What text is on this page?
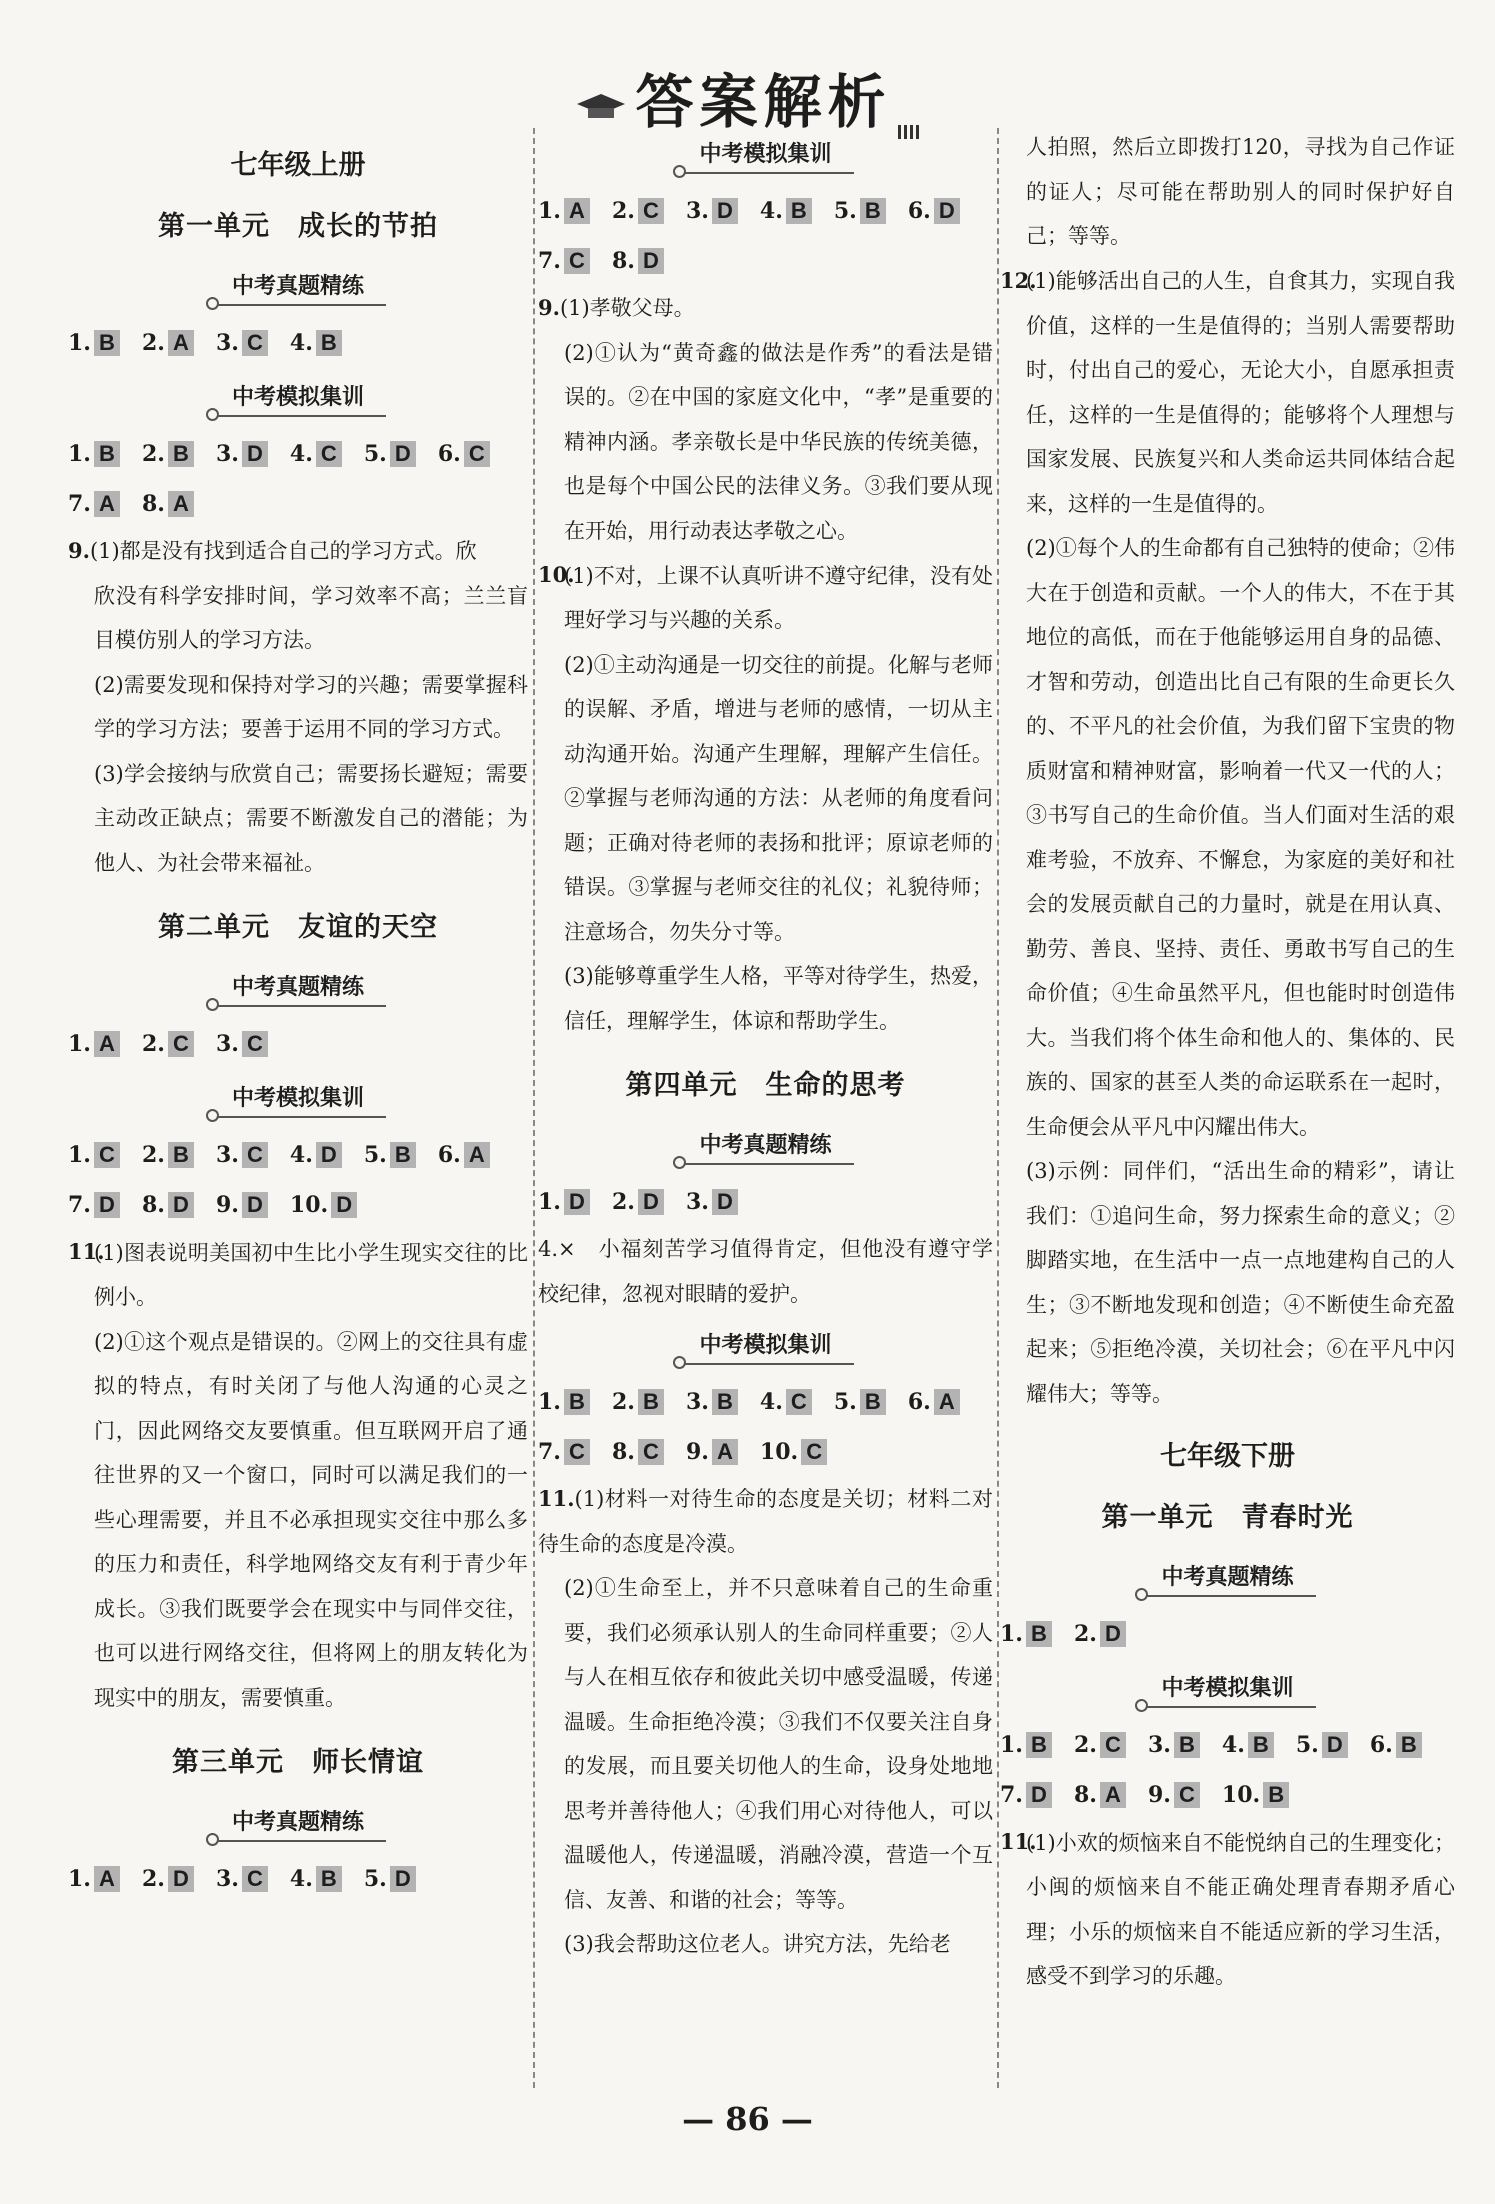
答案解析
七年级上册
第一单元　成长的节拍
中考真题精练
1. B 2. A 3. C 4. B
中考模拟集训
1. B 2. B 3. D 4. C 5. D 6. C
7. A 8. A
9.(1)都是没有找到适合自己的学习方式。欣
欣没有科学安排时间，学习效率不高；兰兰盲目模仿别人的学习方法。
(2)需要发现和保持对学习的兴趣；需要掌握科学的学习方法；要善于运用不同的学习方式。
(3)学会接纳与欣赏自己；需要扬长避短；需要主动改正缺点；需要不断激发自己的潜能；为他人、为社会带来福祉。
第二单元　友谊的天空
中考真题精练
1. A 2. C 3. C
中考模拟集训
1. C 2. B 3. C 4. D 5. B 6. A
7. D 8. D 9. D 10. D
11.
(1)图表说明美国初中生比小学生现实交往的比例小。
(2)①这个观点是错误的。②网上的交往具有虚拟的特点，有时关闭了与他人沟通的心灵之门，因此网络交友要慎重。但互联网开启了通往世界的又一个窗口，同时可以满足我们的一些心理需要，并且不必承担现实交往中那么多的压力和责任，科学地网络交友有利于青少年成长。③我们既要学会在现实中与同伴交往，也可以进行网络交往，但将网上的朋友转化为现实中的朋友，需要慎重。
第三单元　师长情谊
中考真题精练
1. A 2. D 3. C 4. B 5. D
中考模拟集训
1. A 2. C 3. D 4. B 5. B 6. D
7. C 8. D
9.(1)孝敬父母。
(2)①认为“黄奇鑫的做法是作秀”的看法是错误的。②在中国的家庭文化中，“孝”是重要的精神内涵。孝亲敬长是中华民族的传统美德，也是每个中国公民的法律义务。③我们要从现在开始，用行动表达孝敬之心。
10.
(1)不对，上课不认真听讲不遵守纪律，没有处理好学习与兴趣的关系。
(2)①主动沟通是一切交往的前提。化解与老师的误解、矛盾，增进与老师的感情，一切从主动沟通开始。沟通产生理解，理解产生信任。②掌握与老师沟通的方法：从老师的角度看问题；正确对待老师的表扬和批评；原谅老师的错误。③掌握与老师交往的礼仪；礼貌待师；注意场合，勿失分寸等。
(3)能够尊重学生人格，平等对待学生，热爱，信任，理解学生，体谅和帮助学生。
第四单元　生命的思考
中考真题精练
1. D 2. D 3. D
4.×　小福刻苦学习值得肯定，但他没有遵守学校纪律，忽视对眼睛的爱护。
中考模拟集训
1. B 2. B 3. B 4. C 5. B 6. A
7. C 8. C 9. A 10. C
11.(1)材料一对待生命的态度是关切；材料二对待生命的态度是冷漠。
(2)①生命至上，并不只意味着自己的生命重要，我们必须承认别人的生命同样重要；②人与人在相互依存和彼此关切中感受温暖，传递温暖。生命拒绝冷漠；③我们不仅要关注自身的发展，而且要关切他人的生命，设身处地地思考并善待他人；④我们用心对待他人，可以温暖他人，传递温暖，消融冷漠，营造一个互信、友善、和谐的社会；等等。
(3)我会帮助这位老人。讲究方法，先给老
人拍照，然后立即拨打120，寻找为自己作证的证人；尽可能在帮助别人的同时保护好自己；等等。
12.
(1)能够活出自己的人生，自食其力，实现自我价值，这样的一生是值得的；当别人需要帮助时，付出自己的爱心，无论大小，自愿承担责任，这样的一生是值得的；能够将个人理想与国家发展、民族复兴和人类命运共同体结合起来，这样的一生是值得的。
(2)①每个人的生命都有自己独特的使命；②伟大在于创造和贡献。一个人的伟大，不在于其地位的高低，而在于他能够运用自身的品德、才智和劳动，创造出比自己有限的生命更长久的、不平凡的社会价值，为我们留下宝贵的物质财富和精神财富，影响着一代又一代的人；③书写自己的生命价值。当人们面对生活的艰难考验，不放弃、不懈怠，为家庭的美好和社会的发展贡献自己的力量时，就是在用认真、勤劳、善良、坚持、责任、勇敢书写自己的生命价值；④生命虽然平凡，但也能时时创造伟大。当我们将个体生命和他人的、集体的、民族的、国家的甚至人类的命运联系在一起时，生命便会从平凡中闪耀出伟大。
(3)示例：同伴们，“活出生命的精彩”，请让我们：①追问生命，努力探索生命的意义；②脚踏实地，在生活中一点一点地建构自己的人生；③不断地发现和创造；④不断使生命充盈起来；⑤拒绝冷漠，关切社会；⑥在平凡中闪耀伟大；等等。
七年级下册
第一单元　青春时光
中考真题精练
1. B 2. D
中考模拟集训
1. B 2. C 3. B 4. B 5. D 6. B
7. D 8. A 9. C 10. B
11.
(1)小欢的烦恼来自不能悦纳自己的生理变化；小闽的烦恼来自不能正确处理青春期矛盾心理；小乐的烦恼来自不能适应新的学习生活，感受不到学习的乐趣。
— 86 —
